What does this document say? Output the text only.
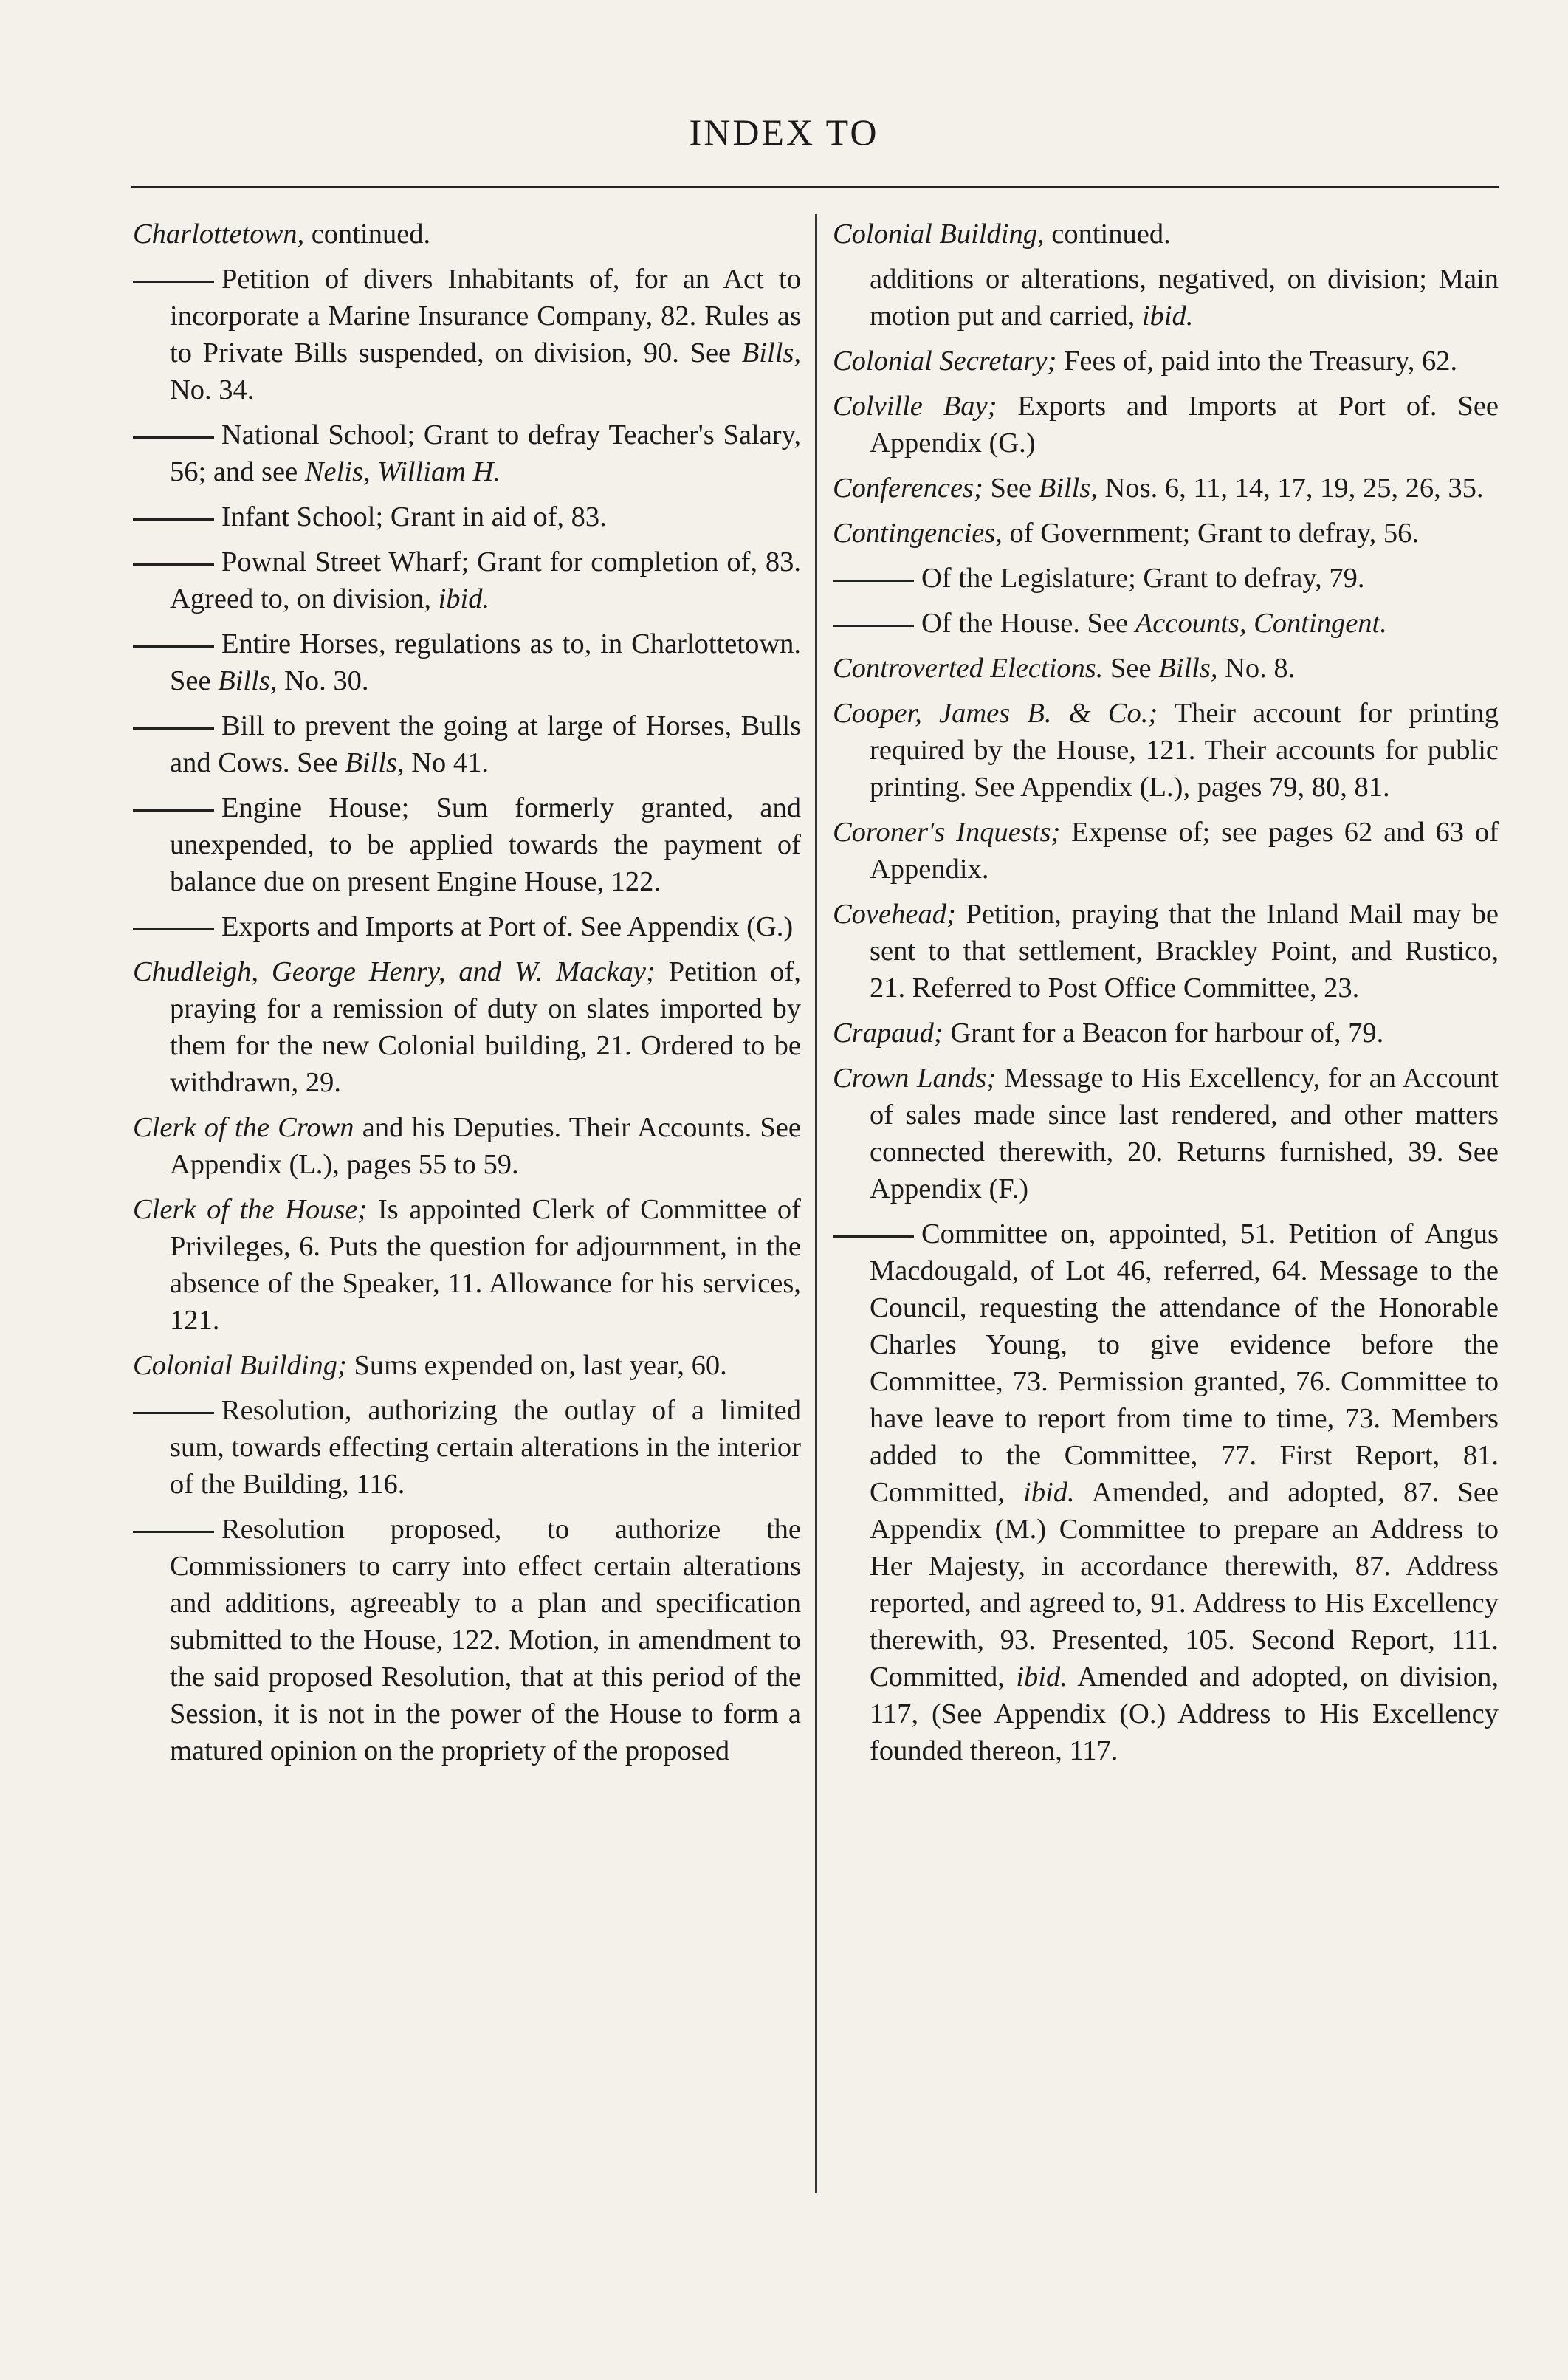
INDEX TO
Charlottetown, continued.
Petition of divers Inhabitants of, for an Act to incorporate a Marine Insurance Company, 82. Rules as to Private Bills suspended, on division, 90. See Bills, No. 34.
National School; Grant to defray Teacher's Salary, 56; and see Nelis, William H.
Infant School; Grant in aid of, 83.
Pownal Street Wharf; Grant for completion of, 83. Agreed to, on division, ibid.
Entire Horses, regulations as to, in Charlottetown. See Bills, No. 30.
Bill to prevent the going at large of Horses, Bulls and Cows. See Bills, No 41.
Engine House; Sum formerly granted, and unexpended, to be applied towards the payment of balance due on present Engine House, 122.
Exports and Imports at Port of. See Appendix (G.)
Chudleigh, George Henry, and W. Mackay; Petition of, praying for a remission of duty on slates imported by them for the new Colonial building, 21. Ordered to be withdrawn, 29.
Clerk of the Crown and his Deputies. Their Accounts. See Appendix (L.), pages 55 to 59.
Clerk of the House; Is appointed Clerk of Committee of Privileges, 6. Puts the question for adjournment, in the absence of the Speaker, 11. Allowance for his services, 121.
Colonial Building; Sums expended on, last year, 60.
Resolution, authorizing the outlay of a limited sum, towards effecting certain alterations in the interior of the Building, 116.
Resolution proposed, to authorize the Commissioners to carry into effect certain alterations and additions, agreeably to a plan and specification submitted to the House, 122. Motion, in amendment to the said proposed Resolution, that at this period of the Session, it is not in the power of the House to form a matured opinion on the propriety of the proposed
Colonial Building, continued.
additions or alterations, negatived, on division; Main motion put and carried, ibid.
Colonial Secretary; Fees of, paid into the Treasury, 62.
Colville Bay; Exports and Imports at Port of. See Appendix (G.)
Conferences; See Bills, Nos. 6, 11, 14, 17, 19, 25, 26, 35.
Contingencies, of Government; Grant to defray, 56.
Of the Legislature; Grant to defray, 79.
Of the House. See Accounts, Contingent.
Controverted Elections. See Bills, No. 8.
Cooper, James B. & Co.; Their account for printing required by the House, 121. Their accounts for public printing. See Appendix (L.), pages 79, 80, 81.
Coroner's Inquests; Expense of; see pages 62 and 63 of Appendix.
Covehead; Petition, praying that the Inland Mail may be sent to that settlement, Brackley Point, and Rustico, 21. Referred to Post Office Committee, 23.
Crapaud; Grant for a Beacon for harbour of, 79.
Crown Lands; Message to His Excellency, for an Account of sales made since last rendered, and other matters connected therewith, 20. Returns furnished, 39. See Appendix (F.)
Committee on, appointed, 51. Petition of Angus Macdougald, of Lot 46, referred, 64. Message to the Council, requesting the attendance of the Honorable Charles Young, to give evidence before the Committee, 73. Permission granted, 76. Committee to have leave to report from time to time, 73. Members added to the Committee, 77. First Report, 81. Committed, ibid. Amended, and adopted, 87. See Appendix (M.) Committee to prepare an Address to Her Majesty, in accordance therewith, 87. Address reported, and agreed to, 91. Address to His Excellency therewith, 93. Presented, 105. Second Report, 111. Committed, ibid. Amended and adopted, on division, 117, (See Appendix (O.) Address to His Excellency founded thereon, 117.
